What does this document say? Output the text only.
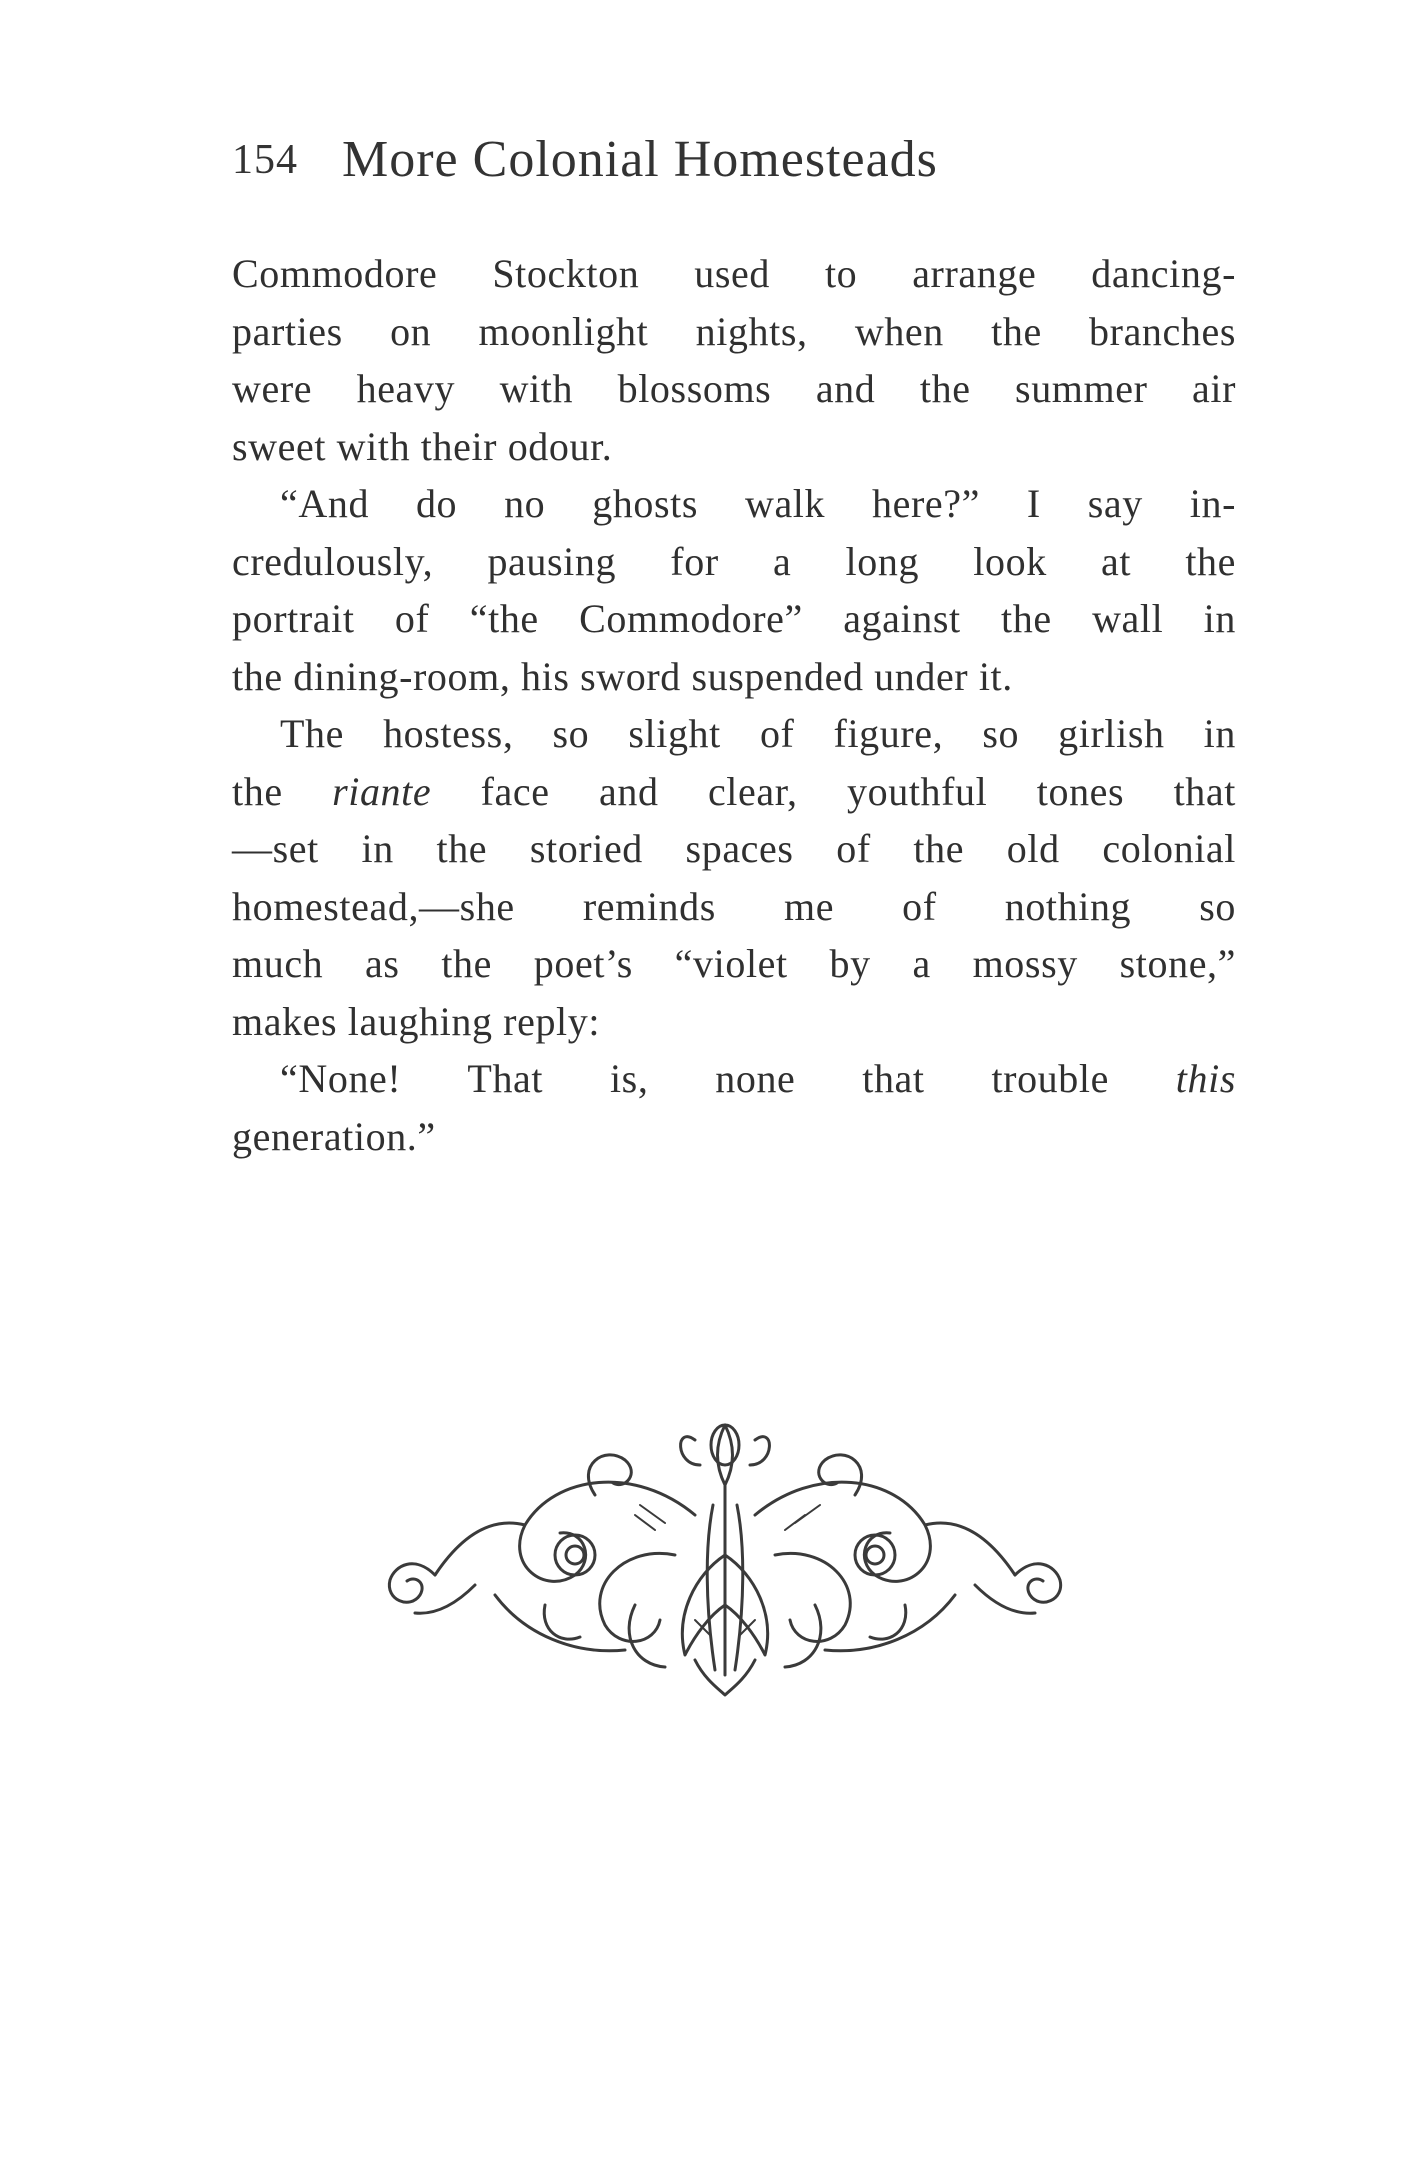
154 More Colonial Homesteads
Commodore Stockton used to arrange dancing-
parties on moonlight nights, when the branches
were heavy with blossoms and the summer air
sweet with their odour.
“And do no ghosts walk here?” I say in-
credulously, pausing for a long look at the
portrait of “the Commodore” against the wall in
the dining-room, his sword suspended under it.
The hostess, so slight of figure, so girlish in
the riante face and clear, youthful tones that
—set in the storied spaces of the old colonial
homestead,—she reminds me of nothing so
much as the poet’s “violet by a mossy stone,”
makes laughing reply:
“None! That is, none that trouble this
generation.”
